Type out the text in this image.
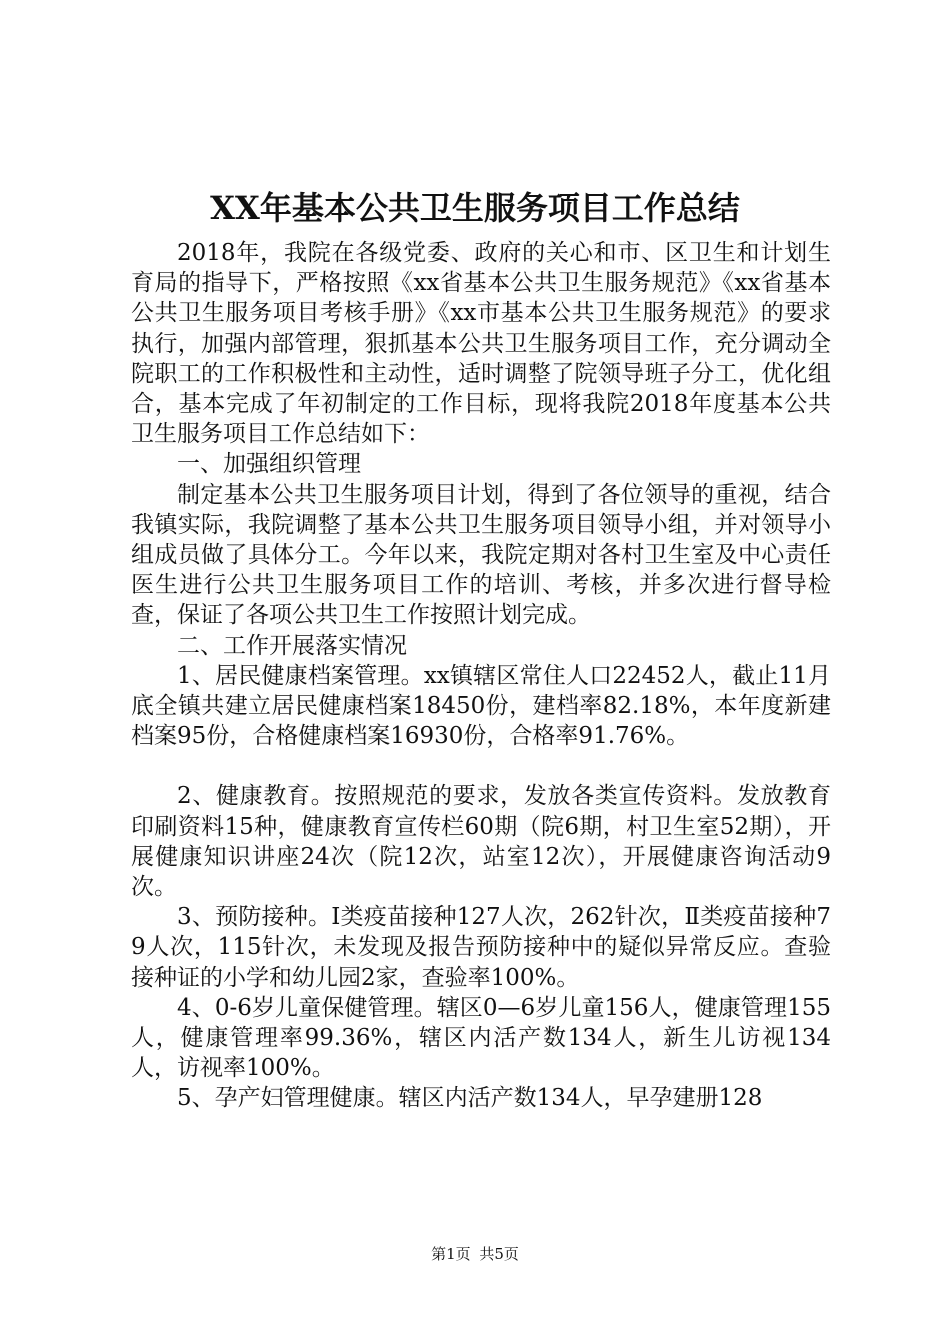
XX年基本公共卫生服务项目工作总结

2018年，我院在各级党委、政府的关心和市、区卫生和计划生育局的指导下，严格按照《xx省基本公共卫生服务规范》《xx省基本公共卫生服务项目考核手册》《xx市基本公共卫生服务规范》的要求执行，加强内部管理，狠抓基本公共卫生服务项目工作，充分调动全院职工的工作积极性和主动性，适时调整了院领导班子分工，优化组合，基本完成了年初制定的工作目标，现将我院2018年度基本公共卫生服务项目工作总结如下：

一、加强组织管理

制定基本公共卫生服务项目计划，得到了各位领导的重视，结合我镇实际，我院调整了基本公共卫生服务项目领导小组，并对领导小组成员做了具体分工。今年以来，我院定期对各村卫生室及中心责任医生进行公共卫生服务项目工作的培训、考核，并多次进行督导检查，保证了各项公共卫生工作按照计划完成。

二、工作开展落实情况

1、居民健康档案管理。xx镇辖区常住人口22452人，截止11月底全镇共建立居民健康档案18450份，建档率82.18%，本年度新建档案95份，合格健康档案16930份，合格率91.76%。

2、健康教育。按照规范的要求，发放各类宣传资料。发放教育印刷资料15种，健康教育宣传栏60期（院6期，村卫生室52期），开展健康知识讲座24次（院12次，站室12次），开展健康咨询活动9次。

3、预防接种。Ⅰ类疫苗接种127人次，262针次，Ⅱ类疫苗接种79人次，115针次，未发现及报告预防接种中的疑似异常反应。查验接种证的小学和幼儿园2家，查验率100%。

4、0-6岁儿童保健管理。辖区0—6岁儿童156人，健康管理155人，健康管理率99.36%，辖区内活产数134人，新生儿访视134人，访视率100%。

5、孕产妇管理健康。辖区内活产数134人，早孕建册128

第1页 共5页
